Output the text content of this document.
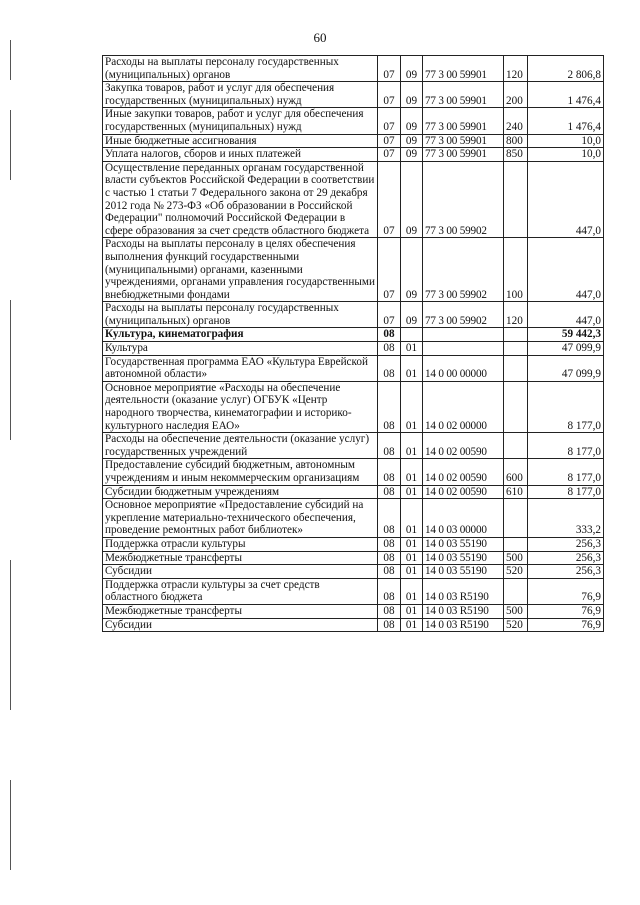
60
Расходы на выплаты персоналу государственных (муниципальных) органов	07	09	77 3 00 59901	120	2 806,8
Закупка товаров, работ и услуг для обеспечения государственных (муниципальных) нужд	07	09	77 3 00 59901	200	1 476,4
Иные закупки товаров, работ и услуг для обеспечения государственных (муниципальных) нужд	07	09	77 3 00 59901	240	1 476,4
Иные бюджетные ассигнования	07	09	77 3 00 59901	800	10,0
Уплата налогов, сборов и иных платежей	07	09	77 3 00 59901	850	10,0
Осуществление переданных органам государственной власти субъектов Российской Федерации в соответствии с частью 1 статьи 7 Федерального закона от 29 декабря 2012 года № 273-ФЗ «Об образовании в Российской Федерации" полномочий Российской Федерации в сфере образования за счет средств областного бюджета	07	09	77 3 00 59902		447,0
Расходы на выплаты персоналу в целях обеспечения выполнения функций государственными (муниципальными) органами, казенными учреждениями, органами управления государственными внебюджетными фондами	07	09	77 3 00 59902	100	447,0
Расходы на выплаты персоналу государственных (муниципальных) органов	07	09	77 3 00 59902	120	447,0
Культура, кинематография	08				59 442,3
Культура	08	01			47 099,9
Государственная программа ЕАО «Культура Еврейской автономной области»	08	01	14 0 00 00000		47 099,9
Основное мероприятие «Расходы на обеспечение деятельности (оказание услуг) ОГБУК «Центр народного творчества, кинематографии и историко-культурного наследия ЕАО»	08	01	14 0 02 00000		8 177,0
Расходы на обеспечение деятельности (оказание услуг) государственных учреждений	08	01	14 0 02 00590		8 177,0
Предоставление субсидий бюджетным, автономным учреждениям и иным некоммерческим организациям	08	01	14 0 02 00590	600	8 177,0
Субсидии бюджетным учреждениям	08	01	14 0 02 00590	610	8 177,0
Основное мероприятие «Предоставление субсидий на укрепление материально-технического обеспечения, проведение ремонтных работ библиотек»	08	01	14 0 03 00000		333,2
Поддержка отрасли культуры	08	01	14 0 03 55190		256,3
Межбюджетные трансферты	08	01	14 0 03 55190	500	256,3
Субсидии	08	01	14 0 03 55190	520	256,3
Поддержка отрасли культуры за счет средств областного бюджета	08	01	14 0 03 R5190		76,9
Межбюджетные трансферты	08	01	14 0 03 R5190	500	76,9
Субсидии	08	01	14 0 03 R5190	520	76,9
